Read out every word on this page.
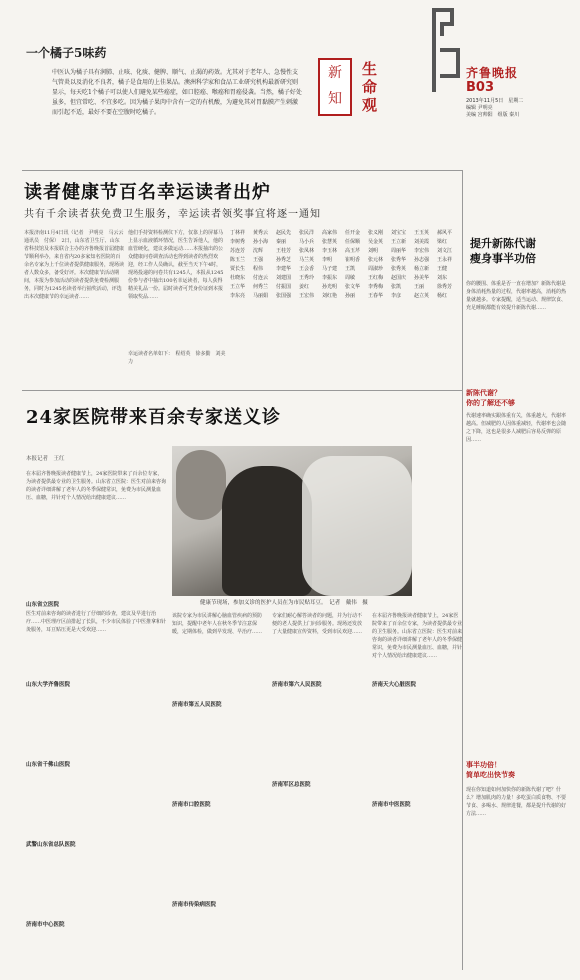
新
知
生
命
观
齐鲁晚报
B03
2013年11月5日　星期二
编辑 尹明亮
美编 宫帅阳　组版 秦川
一个橘子5味药
中医认为橘子具有润肺、止咳、化痰、健脾、顺气、止渴的药效。尤其对于老年人、急慢性支气管炎以及消化不良者，橘子是食用的上佳果品。澳洲科学家和食品工业研究机构最新研究则显示，每天吃1个橘子可以使人们避免某些癌症，如口腔癌、喉癌和胃癌侵袭。当然，橘子好处虽多，但宜常吃、不宜多吃。因为橘子果肉中含有一定的有机酸，为避免其对胃黏膜产生刺激而引起不适，最好不要在空腹时吃橘子。
读者健康节百名幸运读者出炉
共有千余读者获免费卫生服务，幸运读者领奖事宜将逐一通知
本报济南11月4日讯（记者　尹明亮　马云云　通讯员　付保）　2日，山东省卫生厅、山东省科技馆及本报联合主办的齐鲁晚报首届健康节顺利举办，来自省内20多家知名医院的百余名专家为上千位读者提供健康服务，现场读者人数众多，备受好评。本次健康节活动期间，本报为参加活动的读者提供免费检测服务，同时为1245名读者举行抽奖活动，评选出本次健康节的幸运读者……
他们手持资料检测仪下方，仅靠上的屏幕马上显示血液循环情况，医生告诉他人，他的血管硬化，建议多做运动……本报抽出的公众健康问卷调查活动也得到读者的热烈欢迎，经工作人员确认，截至当天下午4时，现场投递的问卷共有1245人，本报从1245份参与者中抽出100名幸运读者，每人获得精美礼品一份。届时读者可凭身份证到本报领取奖品……
幸运读者名单如下：　程绍英　徐多勤　刘美力
丁林祥	黄秀云	赵民先	张民洋	高家伟	任开金	张义刚	刘宝宝	王玉英	郝风平
李树秀	孙小海	秦丽	马小兵	张慧英	任保顺	吴金英	王立新	刘美霞	梁红
苏连芳	沈辉	王桂芳	张凤林	李玉林	高玉芹	刘明	周丽华	李宏伟	刘文江
陈玉兰	王强	孙秀芝	马兰英	李明	崔明香	张元林	张秀华	孙志强	王永祥
贾长生	程伟	李建华	王会香	马子建	王凯	周淑珍	张秀英	杨立新	王健
杜晓东	付连云	刘建国	王秀玲	李振东	周敏	王红梅	赵国庆	孙美华	刘东
王立华	何秀兰	付振国	姜红	孙光明	张文华	李秀梅	张凯	王丽	徐秀芳
李东亮	马丽娟	张国强	王宏伟	刘红艳	孙丽	王春华	李彦	赵立英	杨红
24家医院带来百余专家送义诊
本报记者　王红
健康节现场，参加义诊的医护人员在为市民贴耳豆。　记者　戴伟　摄
在本届齐鲁晚报读者健康节上，24家医院带来了百余位专家，为读者提供最专业的卫生服务。山东省立医院：医生对前来咨询的读者详细讲解了老年人的冬季保健常识，免费为市民测量血压、血糖，并针对个人情况给出健康建议……
医生对前来咨询的读者进行了仔细的诊查，建议及早进行治疗……中医理疗区前排起了长队，不少市民体验了中医推拿和针灸服务，耳豆贴压更是大受欢迎……
该院专家为市民讲解心脑血管疾病的预防知识，提醒中老年人在秋冬季节注意保暖，定期体检，做到早发现、早治疗……
专家们耐心解答读者的问题，并为行动不便的老人提供上门问诊服务。现场还发放了大量健康宣传资料，受到市民欢迎……
在本届齐鲁晚报读者健康节上，24家医院带来了百余位专家，为读者提供最专业的卫生服务。山东省立医院：医生对前来咨询的读者详细讲解了老年人的冬季保健常识，免费为市民测量血压、血糖，并针对个人情况给出健康建议……
山东省立医院
山东大学齐鲁医院
山东省千佛山医院
武警山东省总队医院
济南市中心医院
济南市第五人民医院
济南市口腔医院
济南市传染病医院
济南市第六人民医院
济南军区总医院
济南天大心脏医院
济南市中医医院
提升新陈代谢
瘦身事半功倍
你的腰围、体重是否一直在增加？新陈代谢是身体消耗热量的过程，代谢率越高，消耗的热量就越多。专家提醒，适当运动、规律饮食、充足睡眠都能有效提升新陈代谢……
新陈代谢？
你的了解还不够
代谢速率确实跟体重有关，体重越大，代谢率越高。但减肥的人因体重减轻，代谢率也会随之下降，这也是很多人减肥后容易反弹的原因……
事半功倍！
简单吃出快节奏
现在你知道如何加快你的新陈代谢了吧？什么？增加肌肉的力量！多吃蛋白质食物、不要节食、多喝水、规律进餐，都是提升代谢的好方法……
